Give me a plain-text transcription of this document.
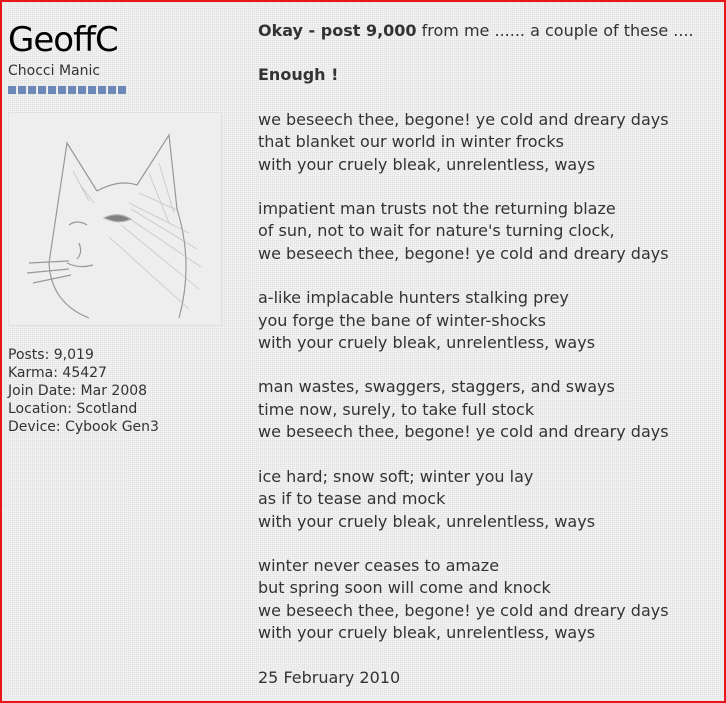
GeoffC
Chocci Manic
Posts: 9,019
Karma: 45427
Join Date: Mar 2008
Location: Scotland
Device: Cybook Gen3

Okay - post 9,000 from me ...... a couple of these ....

Enough !

we beseech thee, begone! ye cold and dreary days

that blanket our world in winter frocks

with your cruely bleak, unrelentless, ways

impatient man trusts not the returning blaze

of sun, not to wait for nature's turning clock,

we beseech thee, begone! ye cold and dreary days

a-like implacable hunters stalking prey

you forge the bane of winter-shocks

with your cruely bleak, unrelentless, ways

man wastes, swaggers, staggers, and sways

time now, surely, to take full stock

we beseech thee, begone! ye cold and dreary days

ice hard; snow soft; winter you lay

as if to tease and mock

with your cruely bleak, unrelentless, ways

winter never ceases to amaze

but spring soon will come and knock

we beseech thee, begone! ye cold and dreary days

with your cruely bleak, unrelentless, ways

25 February 2010
